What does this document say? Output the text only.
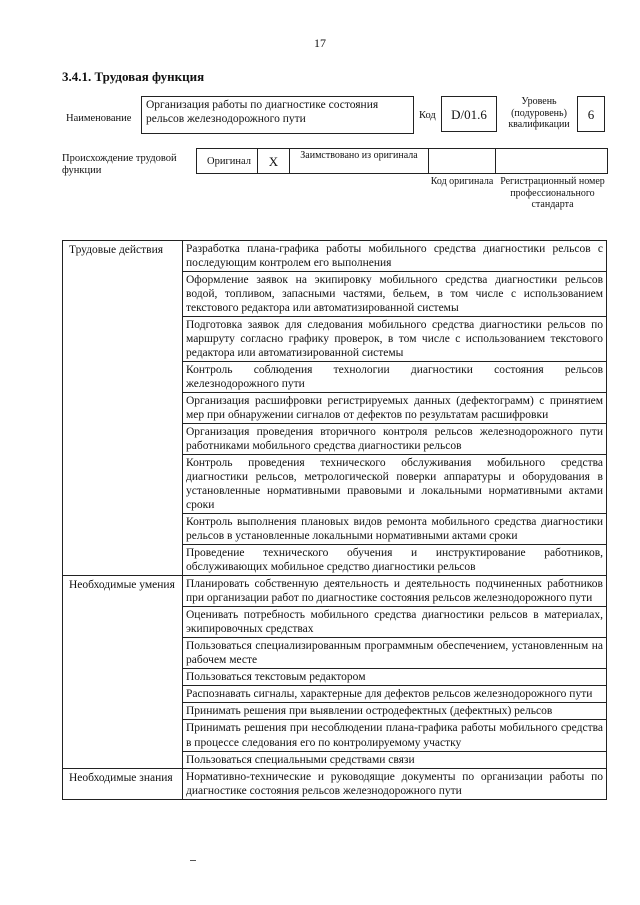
17
3.4.1. Трудовая функция
Наименование
Организация работы по диагностике состояния рельсов железнодорожного пути	Код	D/01.6
Уровень (подуровень) квалификации
6
Происхождение трудовой функции
Оригинал	X	Заимствовано из оригинала
Код оригинала Регистрационный номер профессионального стандарта
Трудовые действия	Разработка плана-графика работы мобильного средства диагностики рельсов с последующим контролем его выполнения
	Оформление заявок на экипировку мобильного средства диагностики рельсов водой, топливом, запасными частями, бельем, в том числе с использованием текстового редактора или автоматизированной системы
	Подготовка заявок для следования мобильного средства диагностики рельсов по маршруту согласно графику проверок, в том числе с использованием текстового редактора или автоматизированной системы
	Контроль соблюдения технологии диагностики состояния рельсов железнодорожного пути
	Организация расшифровки регистрируемых данных (дефектограмм) с принятием мер при обнаружении сигналов от дефектов по результатам расшифровки
	Организация проведения вторичного контроля рельсов железнодорожного пути работниками мобильного средства диагностики рельсов
	Контроль проведения технического обслуживания мобильного средства диагностики рельсов, метрологической поверки аппаратуры и оборудования в установленные нормативными правовыми и локальными нормативными актами сроки
	Контроль выполнения плановых видов ремонта мобильного средства диагностики рельсов в установленные локальными нормативными актами сроки
	Проведение технического обучения и инструктирование работников, обслуживающих мобильное средство диагностики рельсов
Необходимые умения	Планировать собственную деятельность и деятельность подчиненных работников при организации работ по диагностике состояния рельсов железнодорожного пути
	Оценивать потребность мобильного средства диагностики рельсов в материалах, экипировочных средствах
	Пользоваться специализированным программным обеспечением, установленным на рабочем месте
	Пользоваться текстовым редактором
	Распознавать сигналы, характерные для дефектов рельсов железнодорожного пути
	Принимать решения при выявлении остродефектных (дефектных) рельсов
	Принимать решения при несоблюдении плана-графика работы мобильного средства в процессе следования его по контролируемому участку
	Пользоваться специальными средствами связи
Необходимые знания	Нормативно-технические и руководящие документы по организации работы по диагностике состояния рельсов железнодорожного пути
